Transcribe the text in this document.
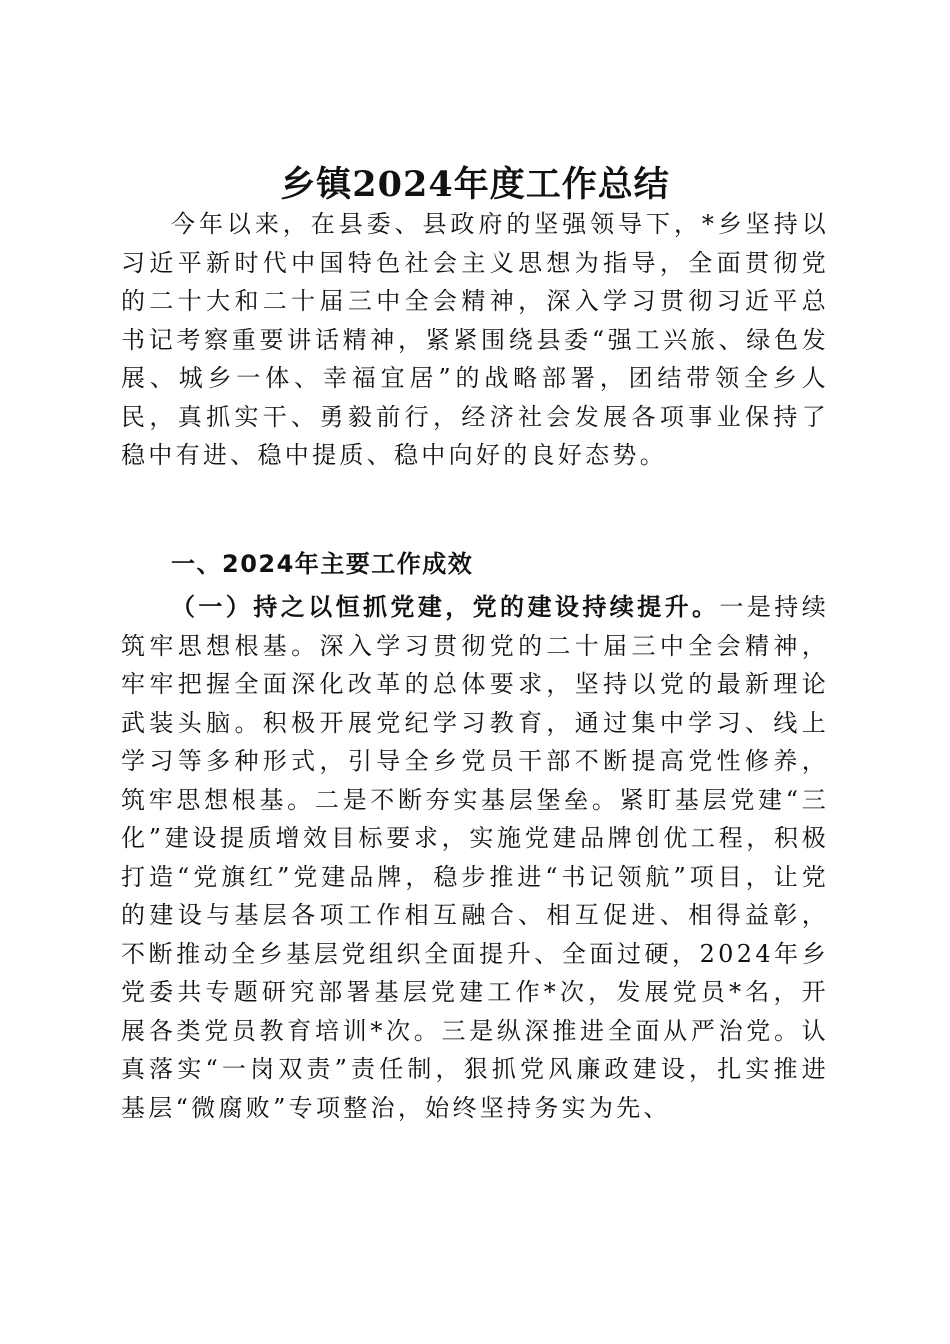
乡镇2024年度工作总结

今年以来，在县委、县政府的坚强领导下，*乡坚持以习近平新时代中国特色社会主义思想为指导，全面贯彻党的二十大和二十届三中全会精神，深入学习贯彻习近平总书记考察重要讲话精神，紧紧围绕县委“强工兴旅、绿色发展、城乡一体、幸福宜居”的战略部署，团结带领全乡人民，真抓实干、勇毅前行，经济社会发展各项事业保持了稳中有进、稳中提质、稳中向好的良好态势。

一、2024年主要工作成效

（一）持之以恒抓党建，党的建设持续提升。一是持续筑牢思想根基。深入学习贯彻党的二十届三中全会精神，牢牢把握全面深化改革的总体要求，坚持以党的最新理论武装头脑。积极开展党纪学习教育，通过集中学习、线上学习等多种形式，引导全乡党员干部不断提高党性修养，筑牢思想根基。二是不断夯实基层堡垒。紧盯基层党建“三化”建设提质增效目标要求，实施党建品牌创优工程，积极打造“党旗红”党建品牌，稳步推进“书记领航”项目，让党的建设与基层各项工作相互融合、相互促进、相得益彰，不断推动全乡基层党组织全面提升、全面过硬，2024年乡党委共专题研究部署基层党建工作*次，发展党员*名，开展各类党员教育培训*次。三是纵深推进全面从严治党。认真落实“一岗双责”责任制，狠抓党风廉政建设，扎实推进基层“微腐败”专项整治，始终坚持务实为先、
